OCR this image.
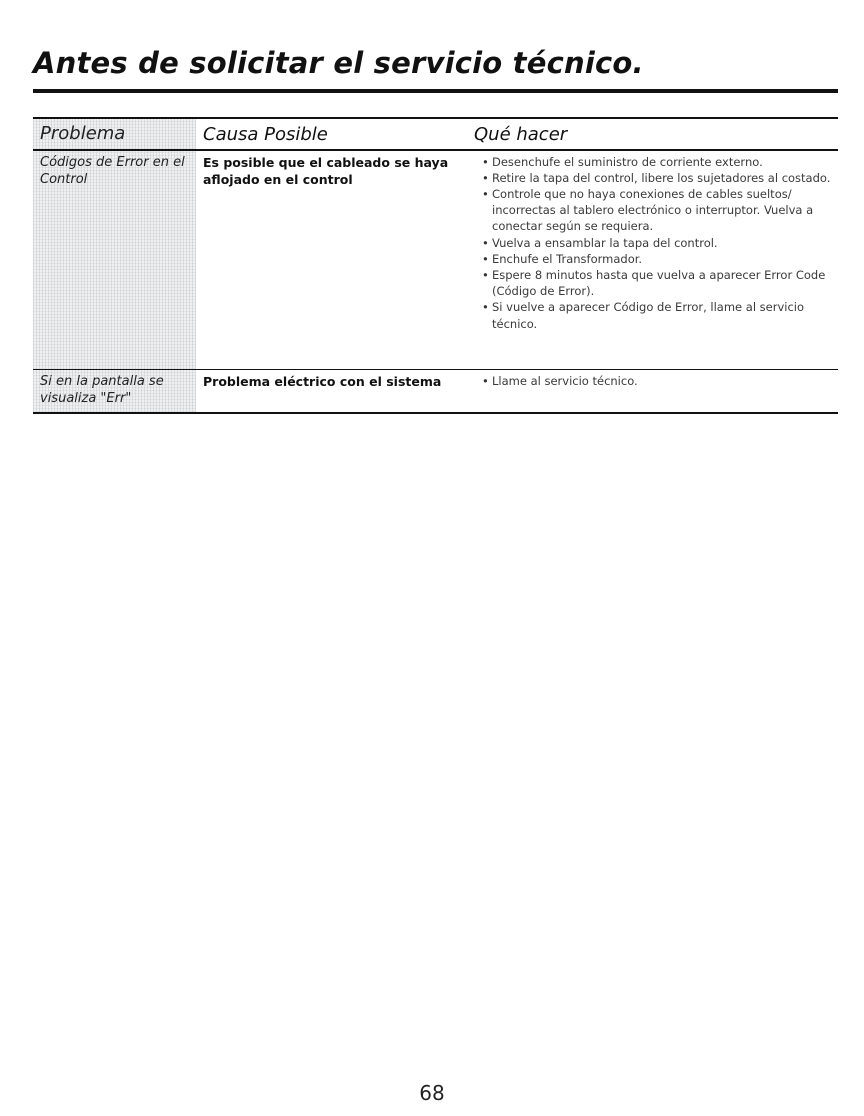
Antes de solicitar el servicio técnico.
Problema	Causa Posible	Qué hacer
Códigos de Error en el Control
Es posible que el cableado se haya aflojado en el control
• Desenchufe el suministro de corriente externo.
• Retire la tapa del control, libere los sujetadores al costado.
• Controle que no haya conexiones de cables sueltos/ incorrectas al tablero electrónico o interruptor. Vuelva a conectar según se requiera.
• Vuelva a ensamblar la tapa del control.
• Enchufe el Transformador.
• Espere 8 minutos hasta que vuelva a aparecer Error Code (Código de Error).
• Si vuelve a aparecer Código de Error, llame al servicio técnico.
Si en la pantalla se visualiza "Err"
Problema eléctrico con el sistema
•	Llame al servicio técnico.
68
